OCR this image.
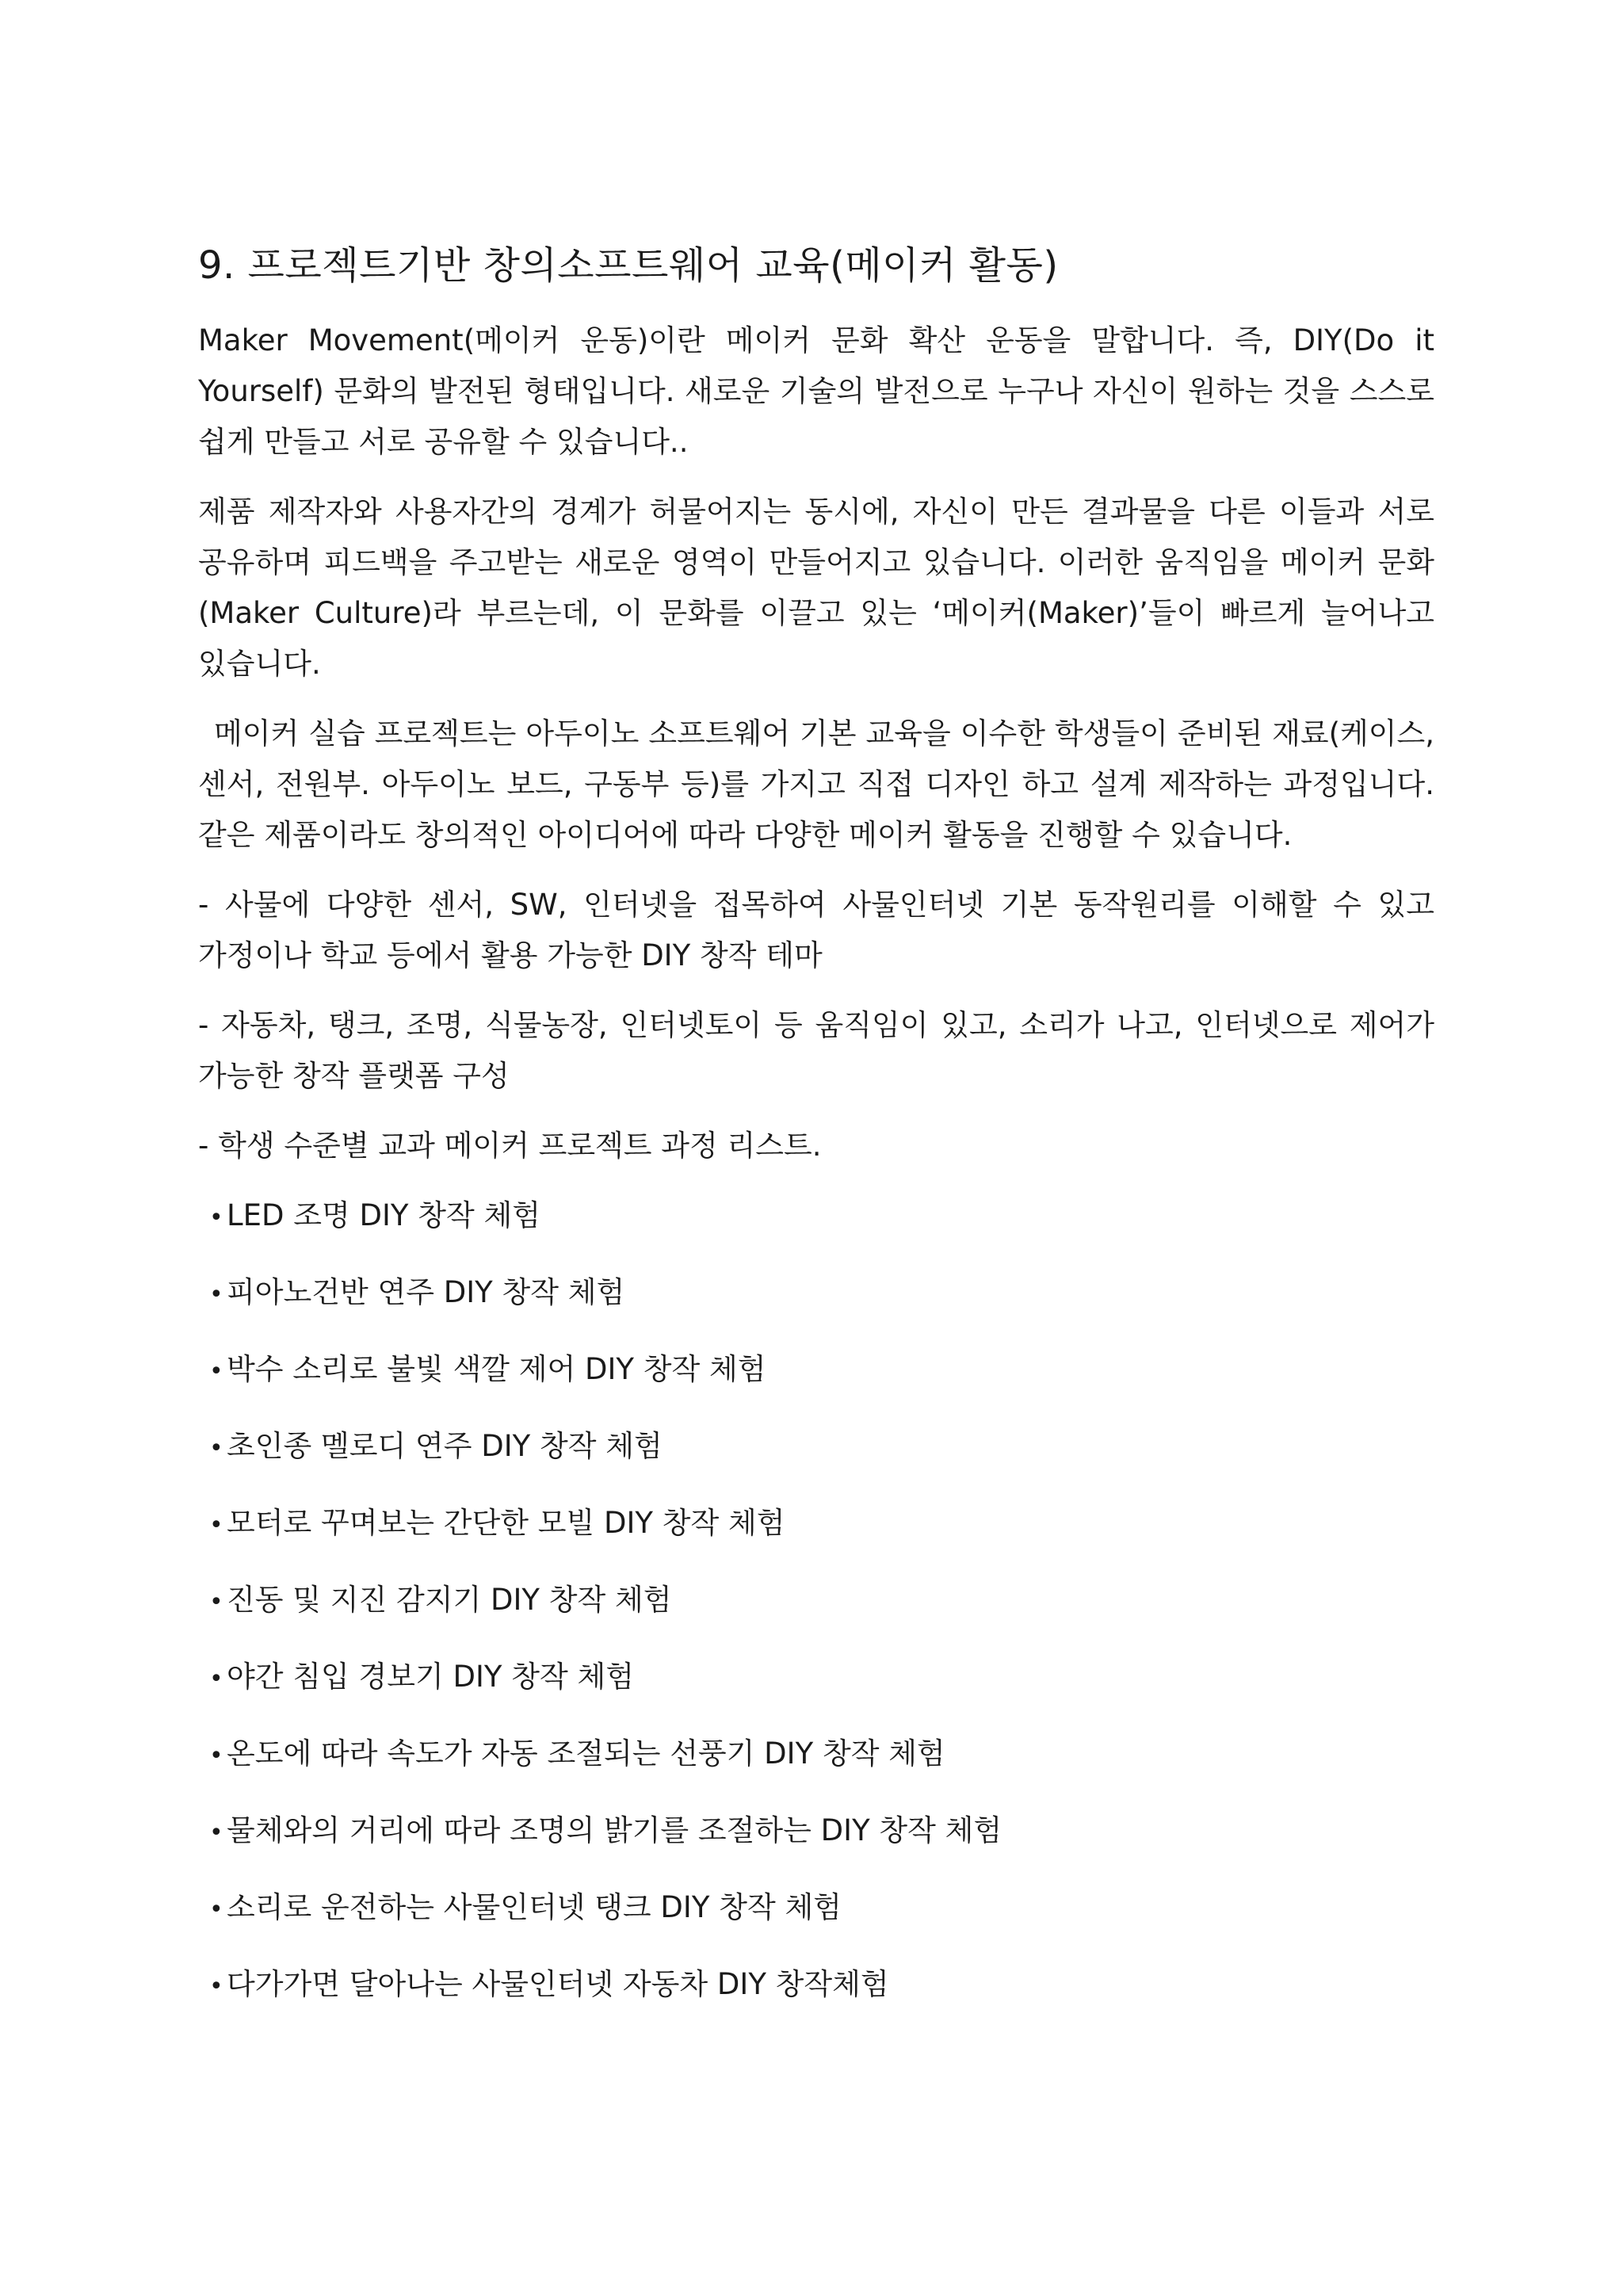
9. 프로젝트기반 창의소프트웨어 교육(메이커 활동)

Maker Movement(메이커 운동)이란 메이커 문화 확산 운동을 말합니다. 즉, DIY(Do it Yourself) 문화의 발전된 형태입니다. 새로운 기술의 발전으로 누구나 자신이 원하는 것을 스스로 쉽게 만들고 서로 공유할 수 있습니다..

제품 제작자와 사용자간의 경계가 허물어지는 동시에, 자신이 만든 결과물을 다른 이들과 서로 공유하며 피드백을 주고받는 새로운 영역이 만들어지고 있습니다. 이러한 움직임을 메이커 문화(Maker Culture)라 부르는데, 이 문화를 이끌고 있는 ‘메이커(Maker)’들이 빠르게 늘어나고 있습니다.

메이커 실습 프로젝트는 아두이노 소프트웨어 기본 교육을 이수한 학생들이 준비된 재료(케이스, 센서, 전원부. 아두이노 보드, 구동부 등)를 가지고 직접 디자인 하고 설계 제작하는 과정입니다. 같은 제품이라도 창의적인 아이디어에 따라 다양한 메이커 활동을 진행할 수 있습니다.

- 사물에 다양한 센서, SW, 인터넷을 접목하여 사물인터넷 기본 동작원리를 이해할 수 있고 가정이나 학교 등에서 활용 가능한 DIY 창작 테마

- 자동차, 탱크, 조명, 식물농장, 인터넷토이 등 움직임이 있고, 소리가 나고, 인터넷으로 제어가 가능한 창작 플랫폼 구성

- 학생 수준별 교과 메이커 프로젝트 과정 리스트.

• LED 조명 DIY 창작 체험
• 피아노건반 연주 DIY 창작 체험
• 박수 소리로 불빛 색깔 제어 DIY 창작 체험
• 초인종 멜로디 연주 DIY 창작 체험
• 모터로 꾸며보는 간단한 모빌 DIY 창작 체험
• 진동 및 지진 감지기 DIY 창작 체험
• 야간 침입 경보기 DIY 창작 체험
• 온도에 따라 속도가 자동 조절되는 선풍기 DIY 창작 체험
• 물체와의 거리에 따라 조명의 밝기를 조절하는 DIY 창작 체험
• 소리로 운전하는 사물인터넷 탱크 DIY 창작 체험
• 다가가면 달아나는 사물인터넷 자동차 DIY 창작체험
